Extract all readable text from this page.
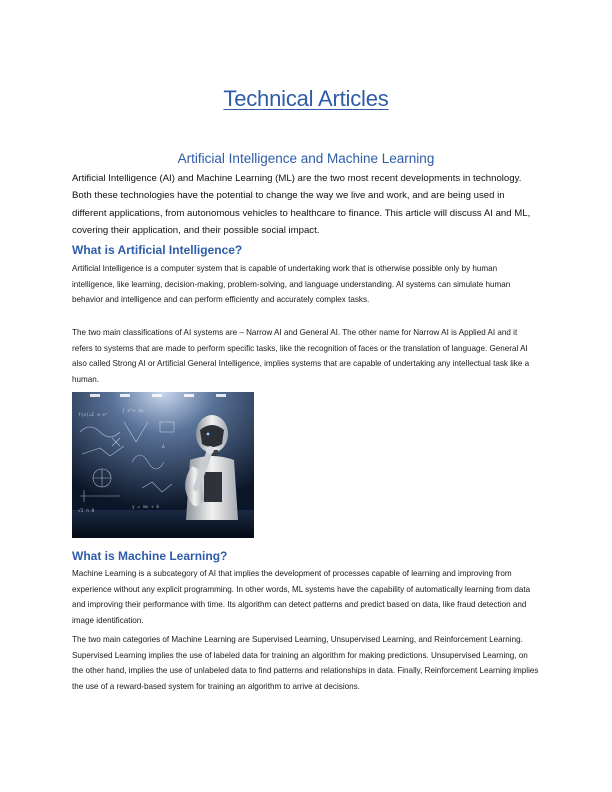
Technical Articles
Artificial Intelligence and Machine Learning

Artificial Intelligence (AI) and Machine Learning (ML) are the two most recent developments in technology. Both these technologies have the potential to change the way we live and work, and are being used in different applications, from autonomous vehicles to healthcare to finance. This article will discuss AI and ML, covering their application, and their possible social impact.

What is Artificial Intelligence?

Artificial Intelligence is a computer system that is capable of undertaking work that is otherwise possible only by human intelligence, like learning, decision-making, problem-solving, and language understanding. AI systems can simulate human behavior and intelligence and can perform efficiently and accurately complex tasks.

The two main classifications of AI systems are – Narrow AI and General AI. The other name for Narrow AI is Applied AI and it refers to systems that are made to perform specific tasks, like the recognition of faces or the translation of language. General AI also called Strong AI or Artificial General Intelligence, implies systems that are capable of undertaking any intellectual task like a human.

f(x)=Σ a·xⁿ
∫ e^x dx
√2 π θ
y = mx + b
Δ
What is Machine Learning?

Machine Learning is a subcategory of AI that implies the development of processes capable of learning and improving from experience without any explicit programming. In other words, ML systems have the capability of automatically learning from data and improving their performance with time. Its algorithm can detect patterns and predict based on data, like fraud detection and image identification.

The two main categories of Machine Learning are Supervised Learning, Unsupervised Learning, and Reinforcement Learning. Supervised Learning implies the use of labeled data for training an algorithm for making predictions. Unsupervised Learning, on the other hand, implies the use of unlabeled data to find patterns and relationships in data. Finally, Reinforcement Learning implies the use of a reward-based system for training an algorithm to arrive at decisions.
